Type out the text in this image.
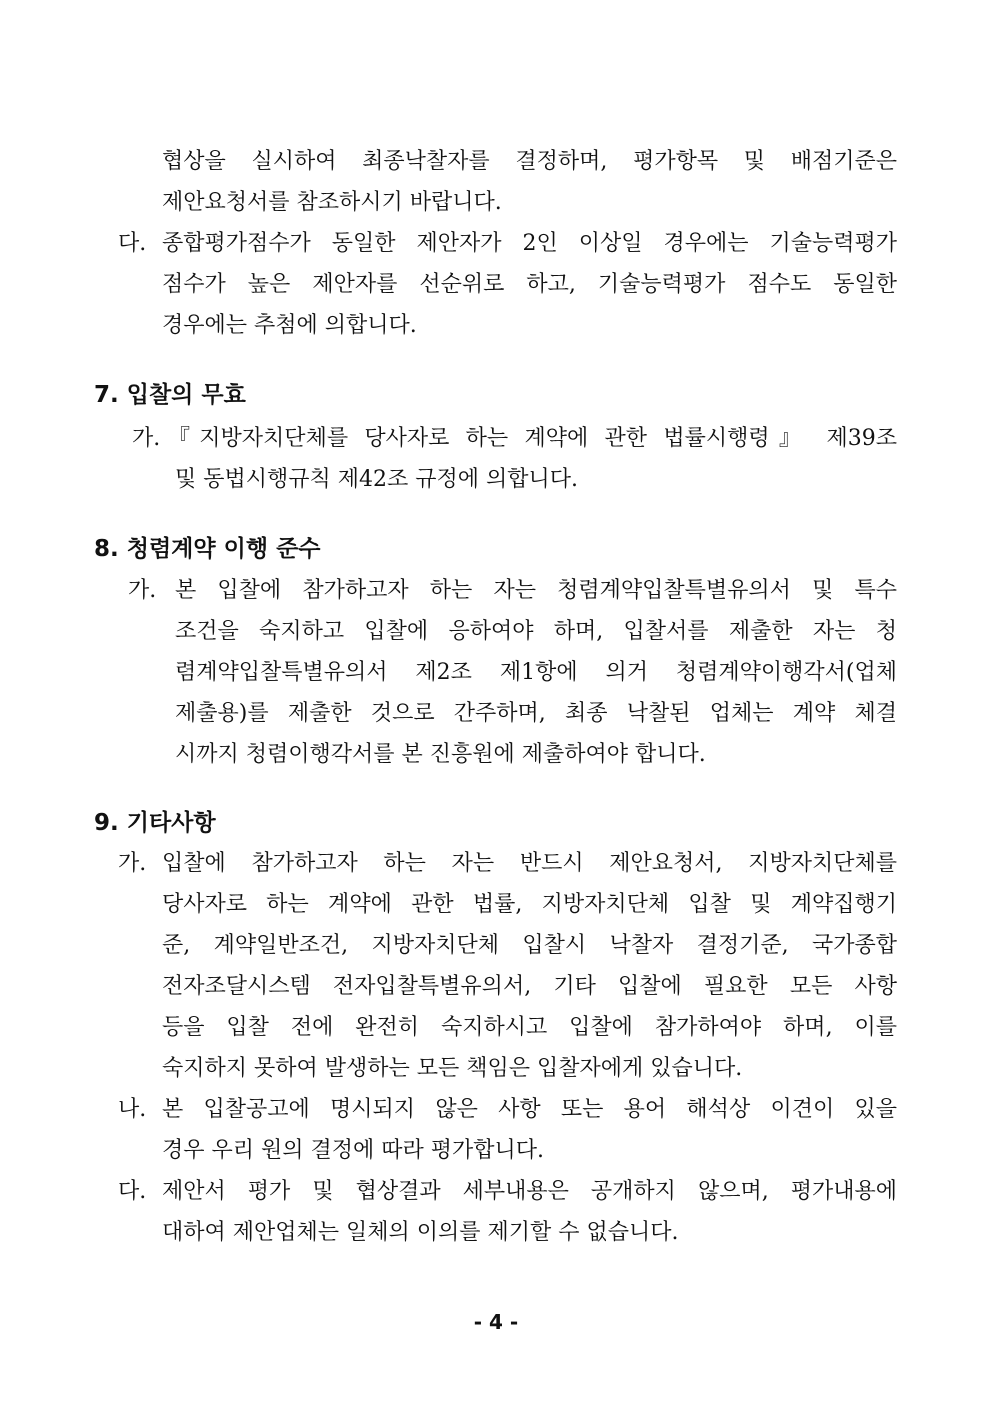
협상을 실시하여 최종낙찰자를 결정하며, 평가항목 및 배점기준은
제안요청서를 참조하시기 바랍니다.
다. 종합평가점수가 동일한 제안자가 2인 이상일 경우에는 기술능력평가
점수가 높은 제안자를 선순위로 하고, 기술능력평가 점수도 동일한
경우에는 추첨에 의합니다.
7. 입찰의 무효
가. 『지방자치단체를 당사자로 하는 계약에 관한 법률시행령』 제39조
및 동법시행규칙 제42조 규정에 의합니다.
8. 청렴계약 이행 준수
가. 본 입찰에 참가하고자 하는 자는 청렴계약입찰특별유의서 및 특수
조건을 숙지하고 입찰에 응하여야 하며, 입찰서를 제출한 자는 청
렴계약입찰특별유의서 제2조 제1항에 의거 청렴계약이행각서(업체
제출용)를 제출한 것으로 간주하며, 최종 낙찰된 업체는 계약 체결
시까지 청렴이행각서를 본 진흥원에 제출하여야 합니다.
9. 기타사항
가. 입찰에 참가하고자 하는 자는 반드시 제안요청서, 지방자치단체를
당사자로 하는 계약에 관한 법률, 지방자치단체 입찰 및 계약집행기
준, 계약일반조건, 지방자치단체 입찰시 낙찰자 결정기준, 국가종합
전자조달시스템 전자입찰특별유의서, 기타 입찰에 필요한 모든 사항
등을 입찰 전에 완전히 숙지하시고 입찰에 참가하여야 하며, 이를
숙지하지 못하여 발생하는 모든 책임은 입찰자에게 있습니다.
나. 본 입찰공고에 명시되지 않은 사항 또는 용어 해석상 이견이 있을
경우 우리 원의 결정에 따라 평가합니다.
다. 제안서 평가 및 협상결과 세부내용은 공개하지 않으며, 평가내용에
대하여 제안업체는 일체의 이의를 제기할 수 없습니다.
- 4 -
